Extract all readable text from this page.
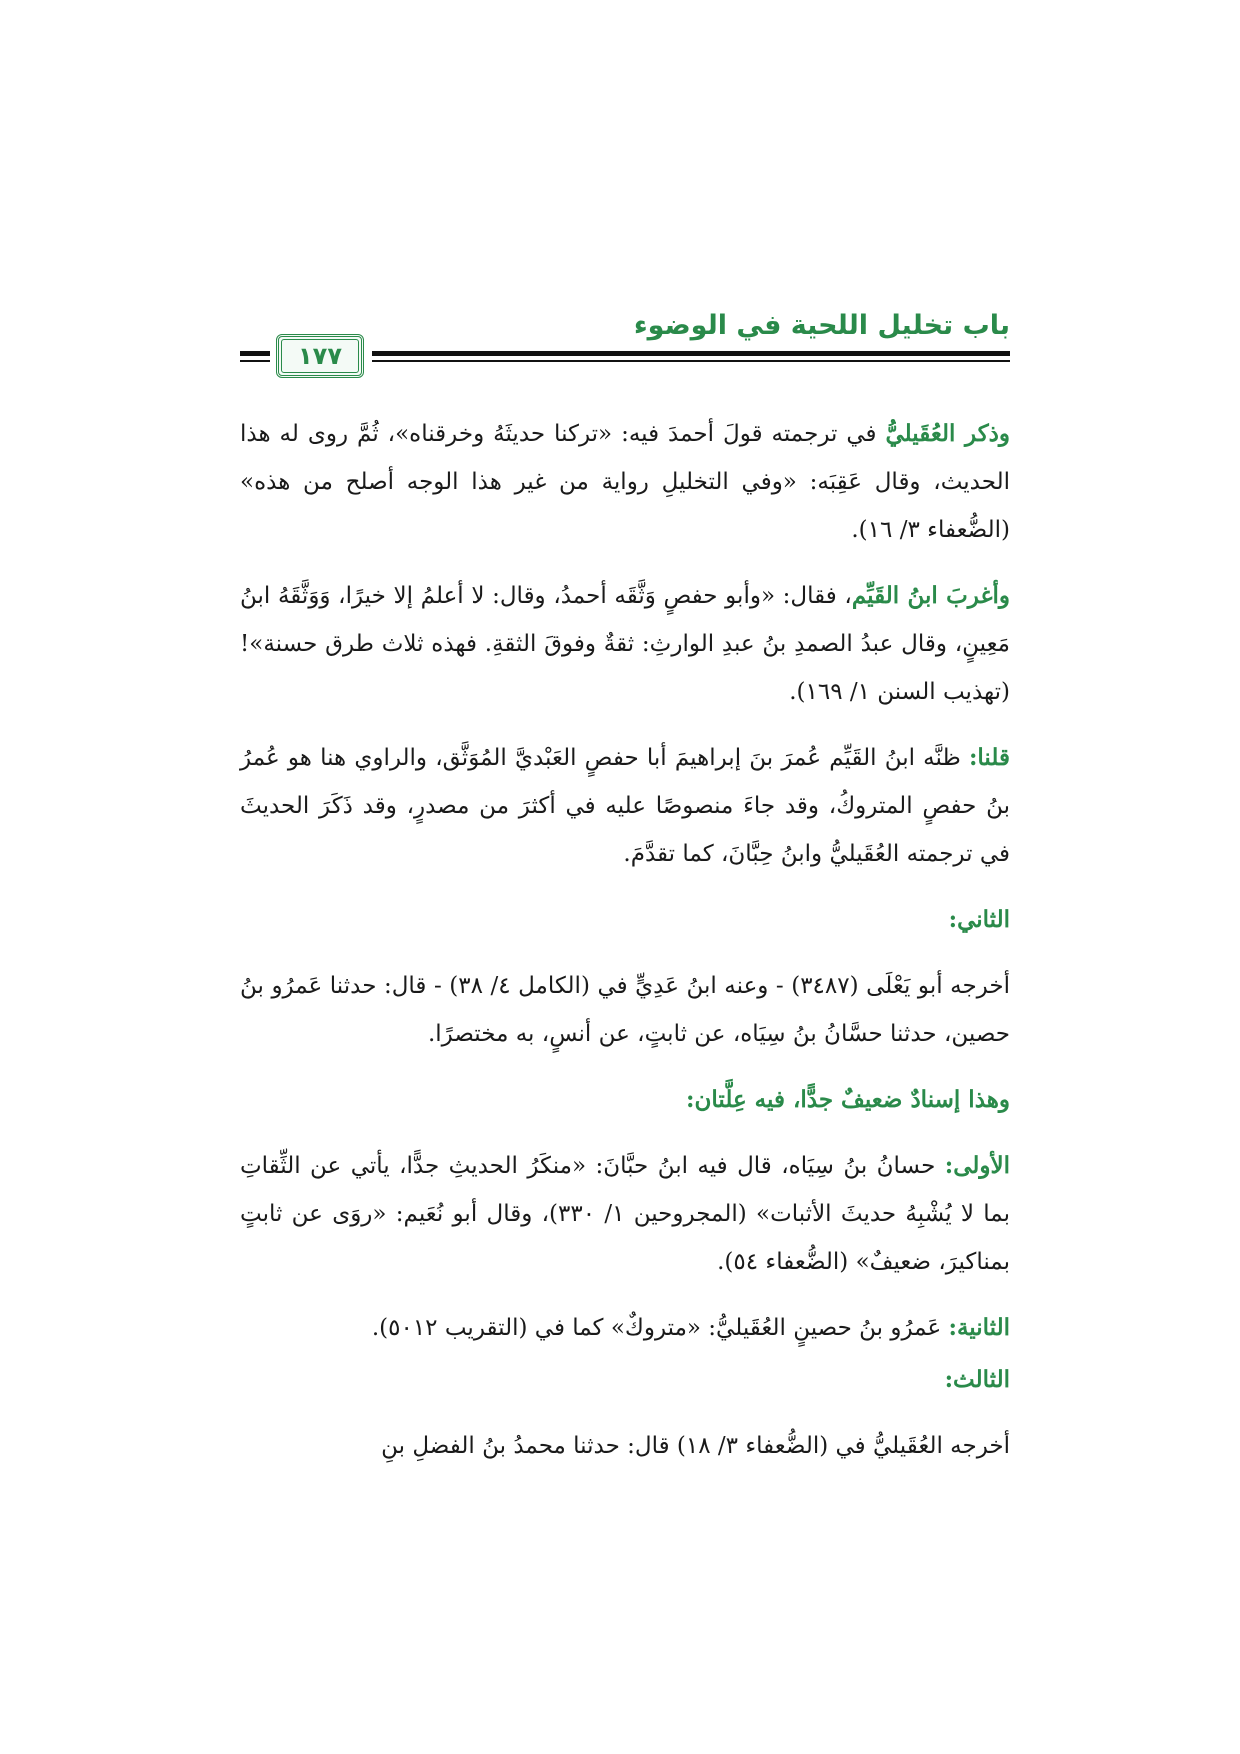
باب تخليل اللحية في الوضوء
١٧٧

وذكر العُقَيليُّ في ترجمته قولَ أحمدَ فيه: «تركنا حديثَهُ وخرقناه»، ثُمَّ روى له هذا الحديث، وقال عَقِبَه: «وفي التخليلِ رواية من غير هذا الوجه أصلح من هذه» (الضُّعفاء ٣/ ١٦).

وأغربَ ابنُ القَيِّم، فقال: «وأبو حفصٍ وَثَّقَه أحمدُ، وقال: لا أعلمُ إلا خيرًا، وَوَثَّقَهُ ابنُ مَعِينٍ، وقال عبدُ الصمدِ بنُ عبدِ الوارثِ: ثقةٌ وفوقَ الثقةِ. فهذه ثلاث طرق حسنة»! (تهذيب السنن ١/ ١٦٩).

قلنا: ظنَّه ابنُ القَيِّم عُمرَ بنَ إبراهيمَ أبا حفصٍ العَبْديَّ المُوَثَّق، والراوي هنا هو عُمرُ بنُ حفصٍ المتروكُ، وقد جاءَ منصوصًا عليه في أكثرَ من مصدرٍ، وقد ذَكَرَ الحديثَ في ترجمته العُقَيليُّ وابنُ حِبَّانَ، كما تقدَّمَ.

الثاني:

أخرجه أبو يَعْلَى (٣٤٨٧) - وعنه ابنُ عَدِيٍّ في (الكامل ٤/ ٣٨) - قال: حدثنا عَمرُو بنُ حصين، حدثنا حسَّانُ بنُ سِيَاه، عن ثابتٍ، عن أنسٍ، به مختصرًا.

وهذا إسنادٌ ضعيفٌ جدًّا، فيه عِلَّتان:

الأولى: حسانُ بنُ سِيَاه، قال فيه ابنُ حبَّانَ: «منكَرُ الحديثِ جدًّا، يأتي عن الثِّقاتِ بما لا يُشْبِهُ حديثَ الأثبات» (المجروحين ١/ ٣٣٠)، وقال أبو نُعَيم: «روَى عن ثابتٍ بمناكيرَ، ضعيفٌ» (الضُّعفاء ٥٤).

الثانية: عَمرُو بنُ حصينٍ العُقَيليُّ: «متروكٌ» كما في (التقريب ٥٠١٢).

الثالث:

أخرجه العُقَيليُّ في (الضُّعفاء ٣/ ١٨) قال: حدثنا محمدُ بنُ الفضلِ بنِ
